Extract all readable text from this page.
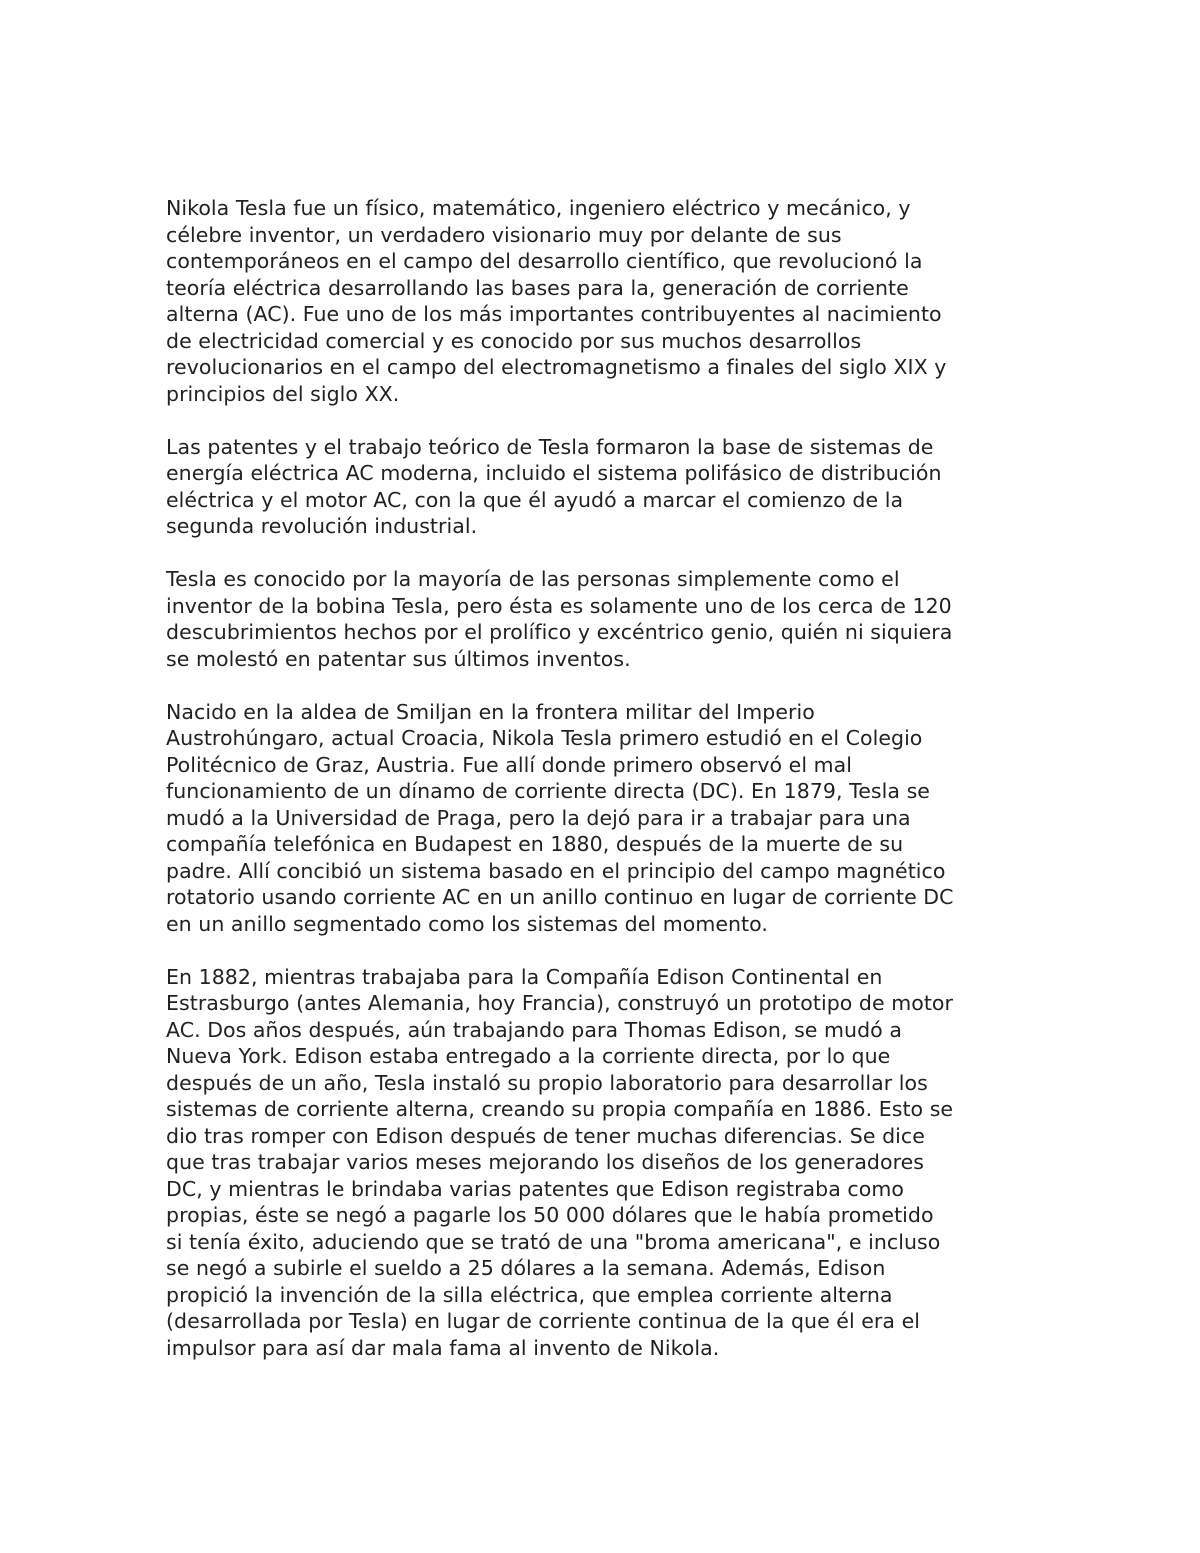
Nikola Tesla fue un físico, matemático, ingeniero eléctrico y mecánico, y
célebre inventor, un verdadero visionario muy por delante de sus
contemporáneos en el campo del desarrollo científico, que revolucionó la
teoría eléctrica desarrollando las bases para la, generación de corriente
alterna (AC). Fue uno de los más importantes contribuyentes al nacimiento
de electricidad comercial y es conocido por sus muchos desarrollos
revolucionarios en el campo del electromagnetismo a finales del siglo XIX y
principios del siglo XX.

Las patentes y el trabajo teórico de Tesla formaron la base de sistemas de
energía eléctrica AC moderna, incluido el sistema polifásico de distribución
eléctrica y el motor AC, con la que él ayudó a marcar el comienzo de la
segunda revolución industrial.

Tesla es conocido por la mayoría de las personas simplemente como el
inventor de la bobina Tesla, pero ésta es solamente uno de los cerca de 120
descubrimientos hechos por el prolífico y excéntrico genio, quién ni siquiera
se molestó en patentar sus últimos inventos.

Nacido en la aldea de Smiljan en la frontera militar del Imperio
Austrohúngaro, actual Croacia, Nikola Tesla primero estudió en el Colegio
Politécnico de Graz, Austria. Fue allí donde primero observó el mal
funcionamiento de un dínamo de corriente directa (DC). En 1879, Tesla se
mudó a la Universidad de Praga, pero la dejó para ir a trabajar para una
compañía telefónica en Budapest en 1880, después de la muerte de su
padre. Allí concibió un sistema basado en el principio del campo magnético
rotatorio usando corriente AC en un anillo continuo en lugar de corriente DC
en un anillo segmentado como los sistemas del momento.

En 1882, mientras trabajaba para la Compañía Edison Continental en
Estrasburgo (antes Alemania, hoy Francia), construyó un prototipo de motor
AC. Dos años después, aún trabajando para Thomas Edison, se mudó a
Nueva York. Edison estaba entregado a la corriente directa, por lo que
después de un año, Tesla instaló su propio laboratorio para desarrollar los
sistemas de corriente alterna, creando su propia compañía en 1886. Esto se
dio tras romper con Edison después de tener muchas diferencias. Se dice
que tras trabajar varios meses mejorando los diseños de los generadores
DC, y mientras le brindaba varias patentes que Edison registraba como
propias, éste se negó a pagarle los 50 000 dólares que le había prometido
si tenía éxito, aduciendo que se trató de una "broma americana", e incluso
se negó a subirle el sueldo a 25 dólares a la semana. Además, Edison
propició la invención de la silla eléctrica, que emplea corriente alterna
(desarrollada por Tesla) en lugar de corriente continua de la que él era el
impulsor para así dar mala fama al invento de Nikola.
